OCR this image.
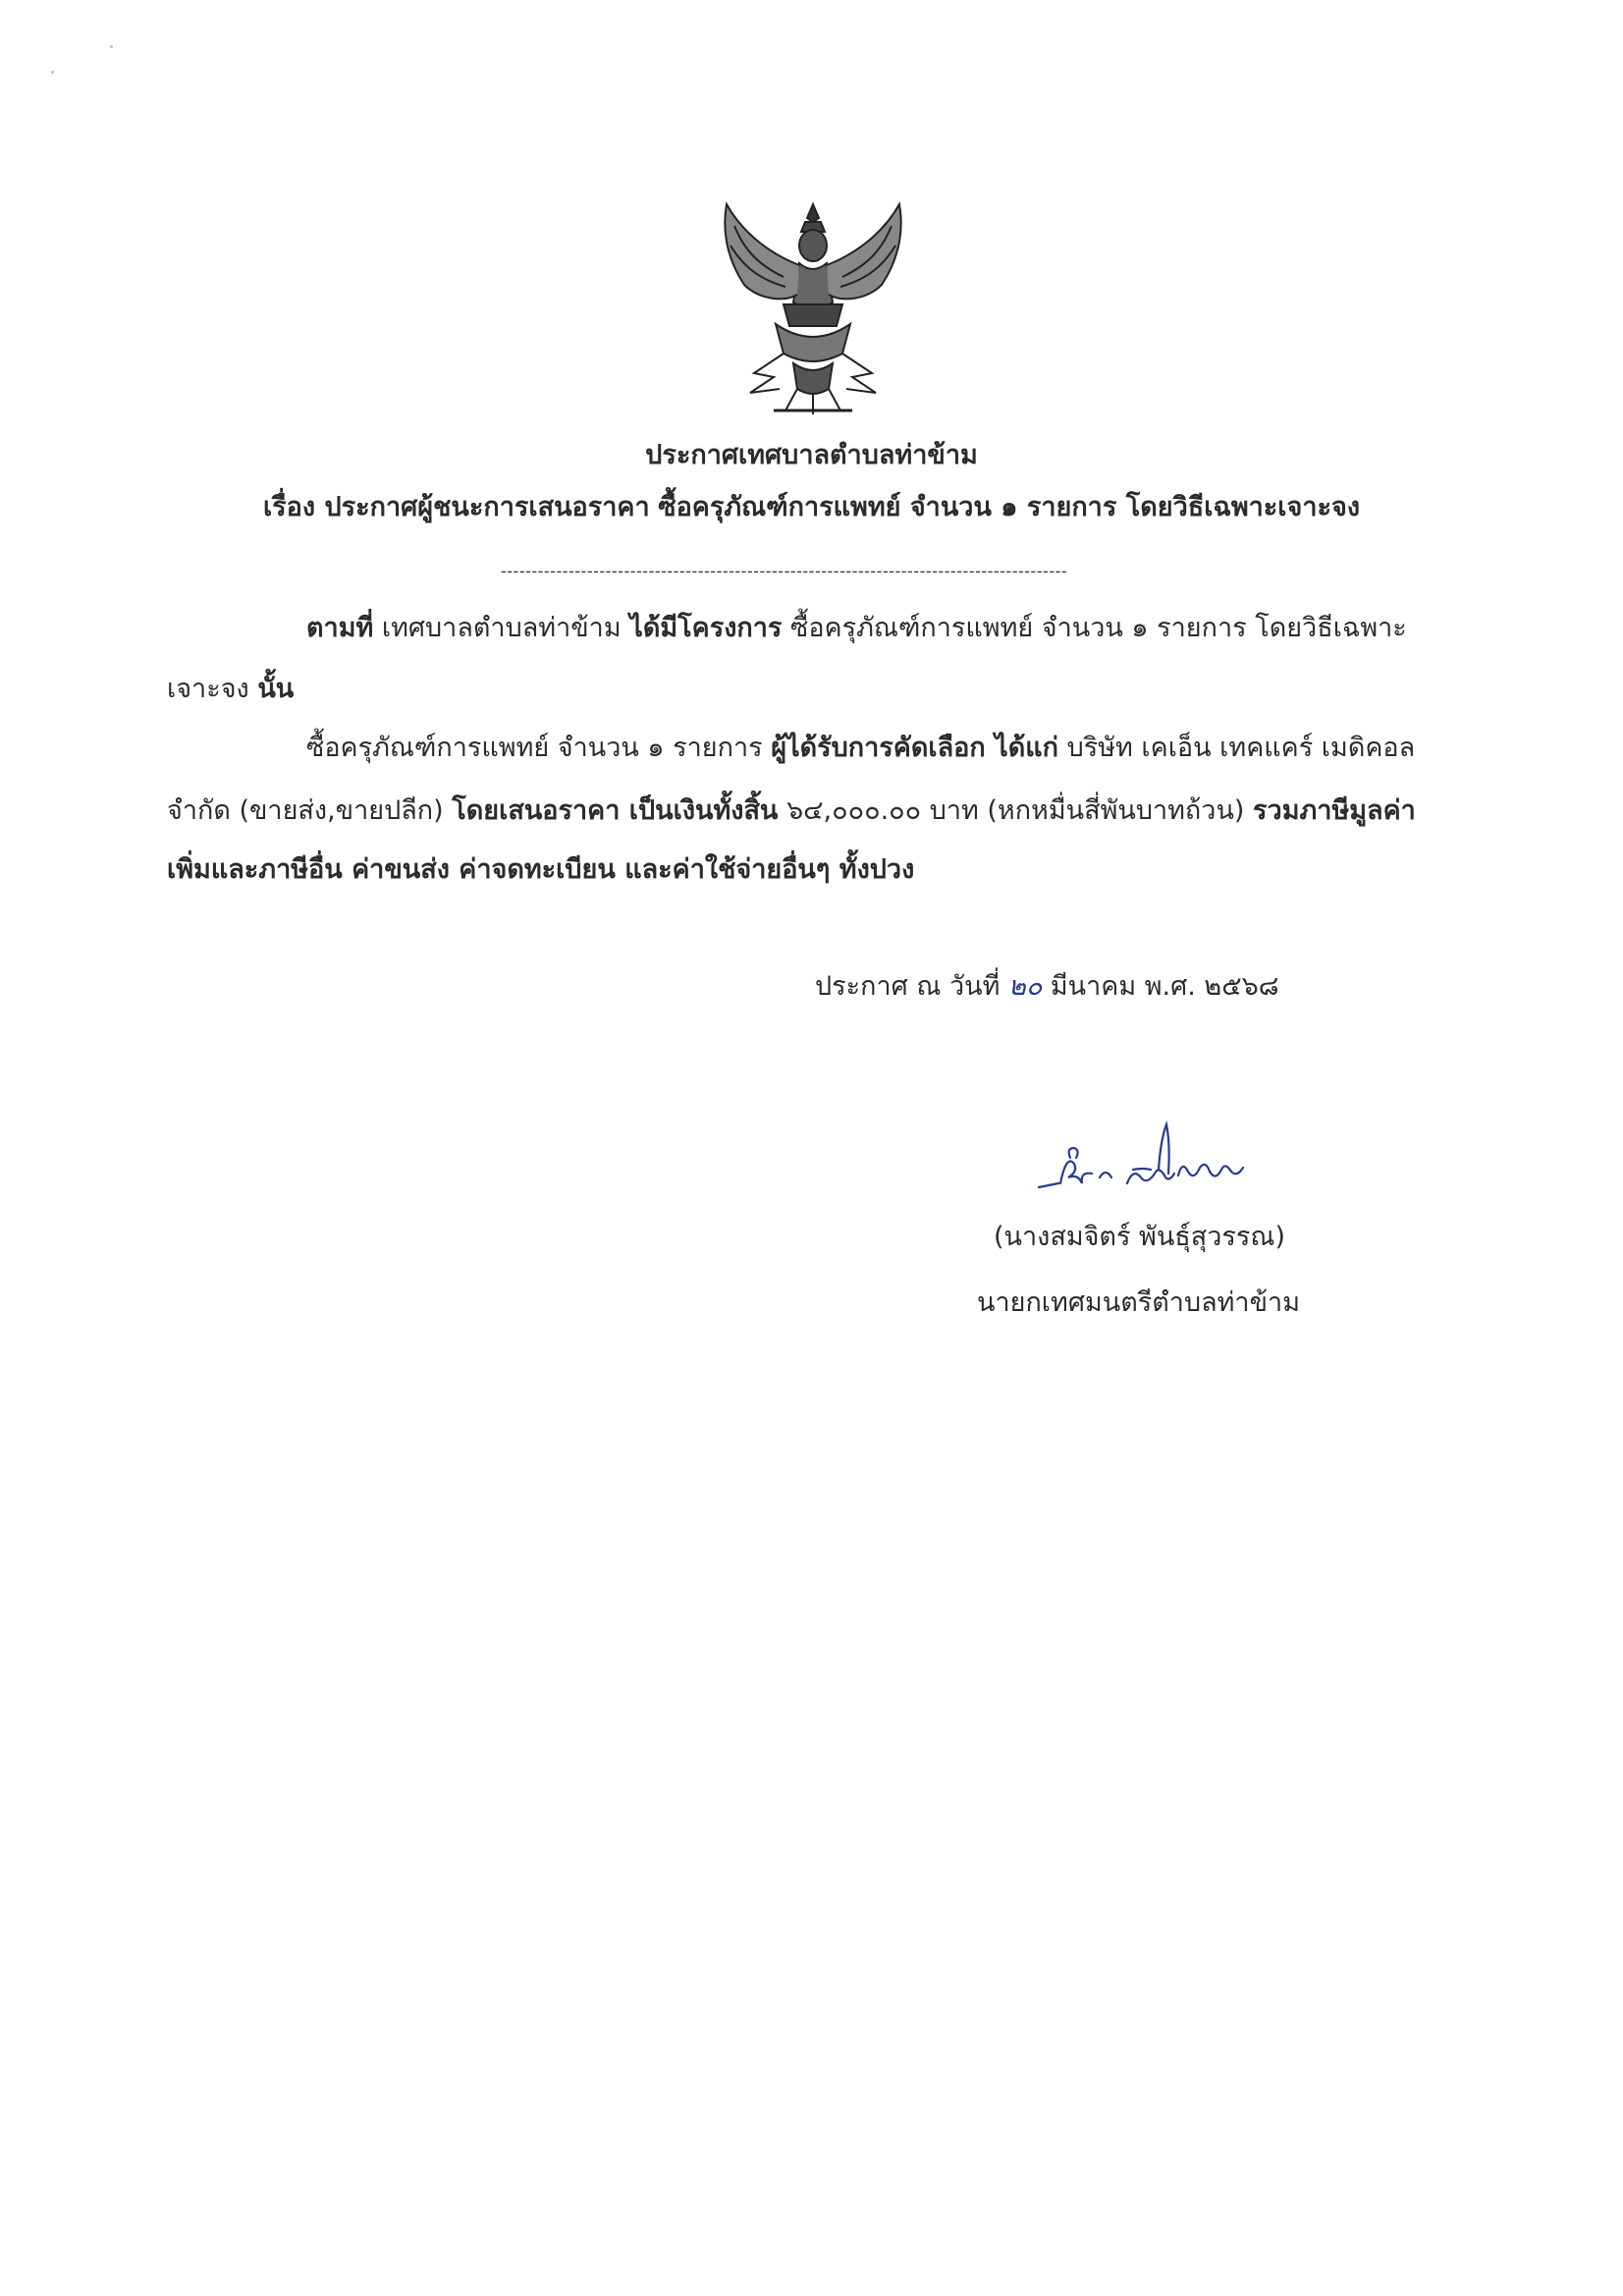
ประกาศเทศบาลตำบลท่าข้าม
เรื่อง ประกาศผู้ชนะการเสนอราคา ซื้อครุภัณฑ์การแพทย์ จำนวน ๑ รายการ โดยวิธีเฉพาะเจาะจง
--------------------------------------------------------------------------------------------
ตามที่ เทศบาลตำบลท่าข้าม ได้มีโครงการ ซื้อครุภัณฑ์การแพทย์ จำนวน ๑ รายการ โดยวิธีเฉพาะ
เจาะจง นั้น
ซื้อครุภัณฑ์การแพทย์ จำนวน ๑ รายการ ผู้ได้รับการคัดเลือก ได้แก่ บริษัท เคเอ็น เทคแคร์ เมดิคอล
จำกัด (ขายส่ง,ขายปลีก) โดยเสนอราคา เป็นเงินทั้งสิ้น ๖๔,๐๐๐.๐๐ บาท (หกหมื่นสี่พันบาทถ้วน) รวมภาษีมูลค่า
เพิ่มและภาษีอื่น ค่าขนส่ง ค่าจดทะเบียน และค่าใช้จ่ายอื่นๆ ทั้งปวง
ประกาศ ณ วันที่ ๒๐ มีนาคม พ.ศ. ๒๕๖๘
(นางสมจิตร์ พันธุ์สุวรรณ)
นายกเทศมนตรีตำบลท่าข้าม
